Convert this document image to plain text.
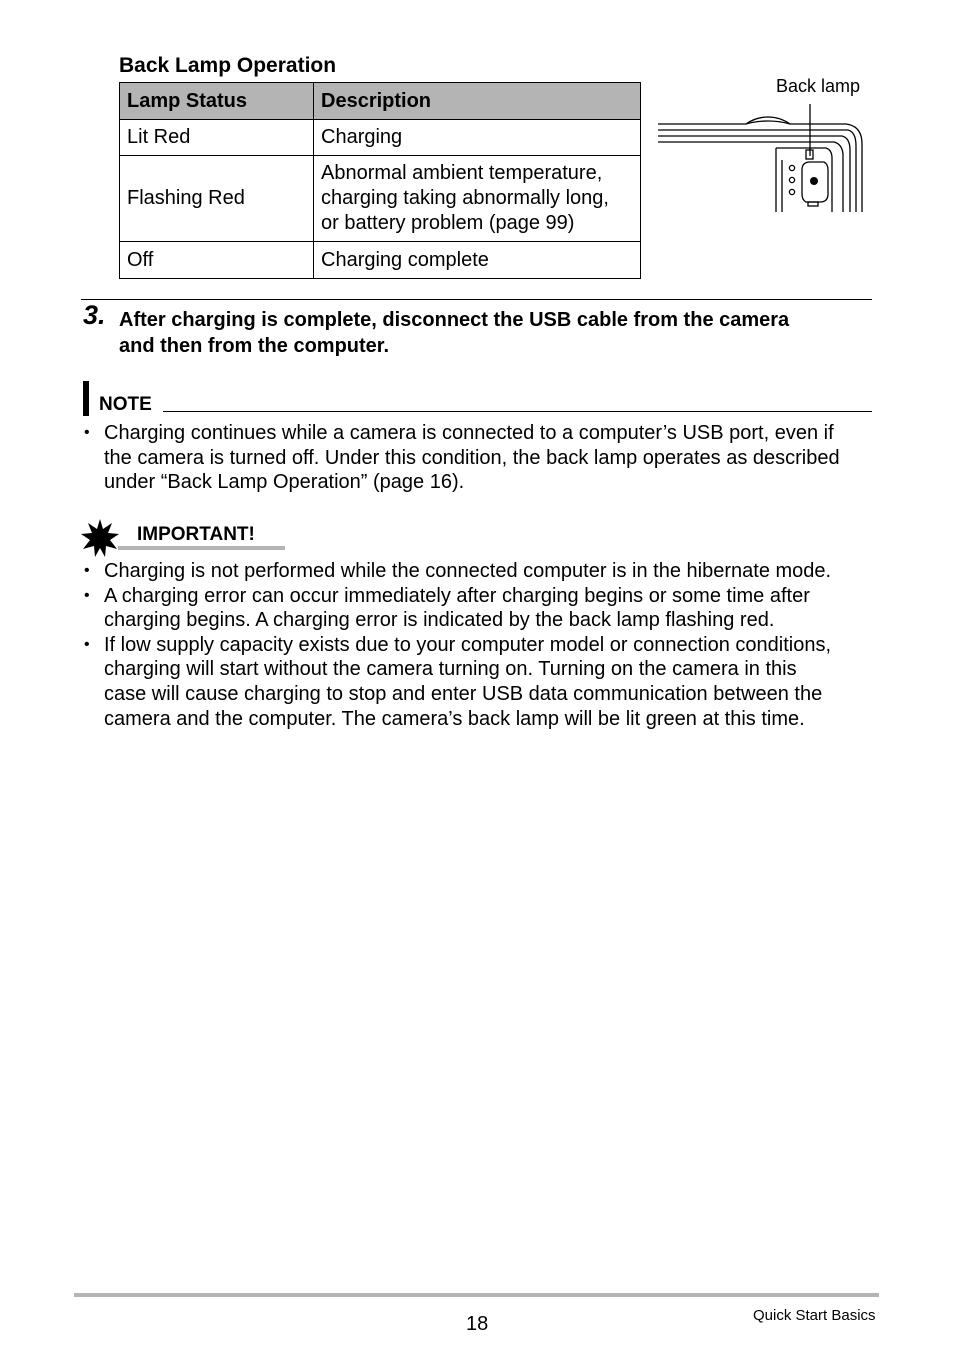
Back Lamp Operation
Lamp Status	Description
Lit Red	Charging
Flashing Red	Abnormal ambient temperature,
charging taking abnormally long,
or battery problem (page 99)

Off	Charging complete
Back lamp
3. After charging is complete, disconnect the USB cable from the camera
and then from the computer.
NOTE
• Charging continues while a camera is connected to a computer’s USB port, even if
the camera is turned off. Under this condition, the back lamp operates as described
under “Back Lamp Operation” (page 16).
IMPORTANT!
• Charging is not performed while the connected computer is in the hibernate mode.
• A charging error can occur immediately after charging begins or some time after
charging begins. A charging error is indicated by the back lamp flashing red.
• If low supply capacity exists due to your computer model or connection conditions,
charging will start without the camera turning on. Turning on the camera in this
case will cause charging to stop and enter USB data communication between the
camera and the computer. The camera’s back lamp will be lit green at this time.
18	Quick Start Basics
